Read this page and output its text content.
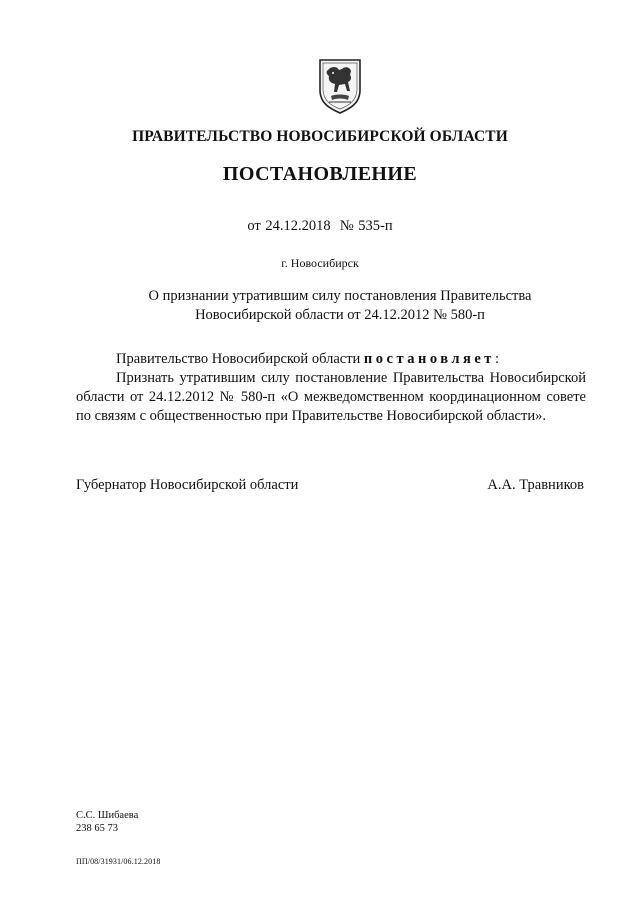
ПРАВИТЕЛЬСТВО НОВОСИБИРСКОЙ ОБЛАСТИ
ПОСТАНОВЛЕНИЕ
от 24.12.2018  № 535-п
г. Новосибирск
О признании утратившим силу постановления Правительства
Новосибирской области от 24.12.2012 № 580-п

Правительство Новосибирской области постановляет:

Признать утратившим силу постановление Правительства Новосибирской области от 24.12.2012 № 580-п «О межведомственном координационном совете по связям с общественностью при Правительстве Новосибирской области».

Губернатор Новосибирской области	А.А. Травников
С.С. Шибаева
238 65 73
ПП/08/31931/06.12.2018
